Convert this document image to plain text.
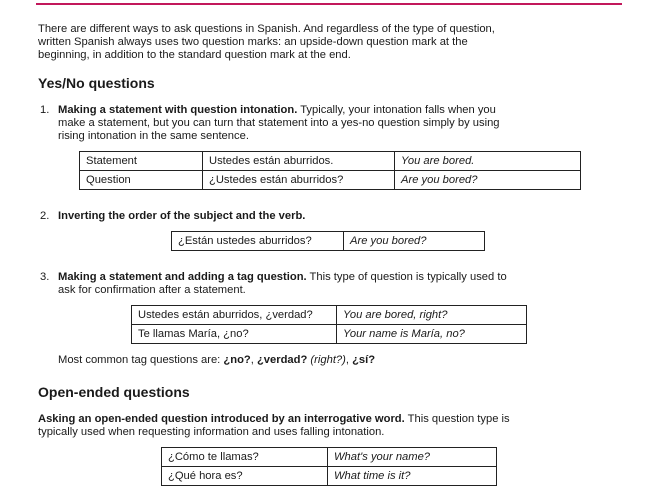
There are different ways to ask questions in Spanish. And regardless of the type of question,
written Spanish always uses two question marks: an upside-down question mark at the
beginning, in addition to the standard question mark at the end.
Yes/No questions
1. Making a statement with question intonation. Typically, your intonation falls when you
make a statement, but you can turn that statement into a yes-no question simply by using
rising intonation in the same sentence.
Statement	Ustedes están aburridos.	You are bored.
Question	¿Ustedes están aburridos?	Are you bored?
2. Inverting the order of the subject and the verb.
¿Están ustedes aburridos?	Are you bored?
3. Making a statement and adding a tag question. This type of question is typically used to
ask for confirmation after a statement.
Ustedes están aburridos, ¿verdad?	You are bored, right?
Te llamas María, ¿no?	Your name is María, no?
Most common tag questions are: ¿no?, ¿verdad? (right?), ¿sí?
Open-ended questions
Asking an open-ended question introduced by an interrogative word. This question type is
typically used when requesting information and uses falling intonation.
¿Cómo te llamas?	What's your name?
¿Qué hora es?	What time is it?
